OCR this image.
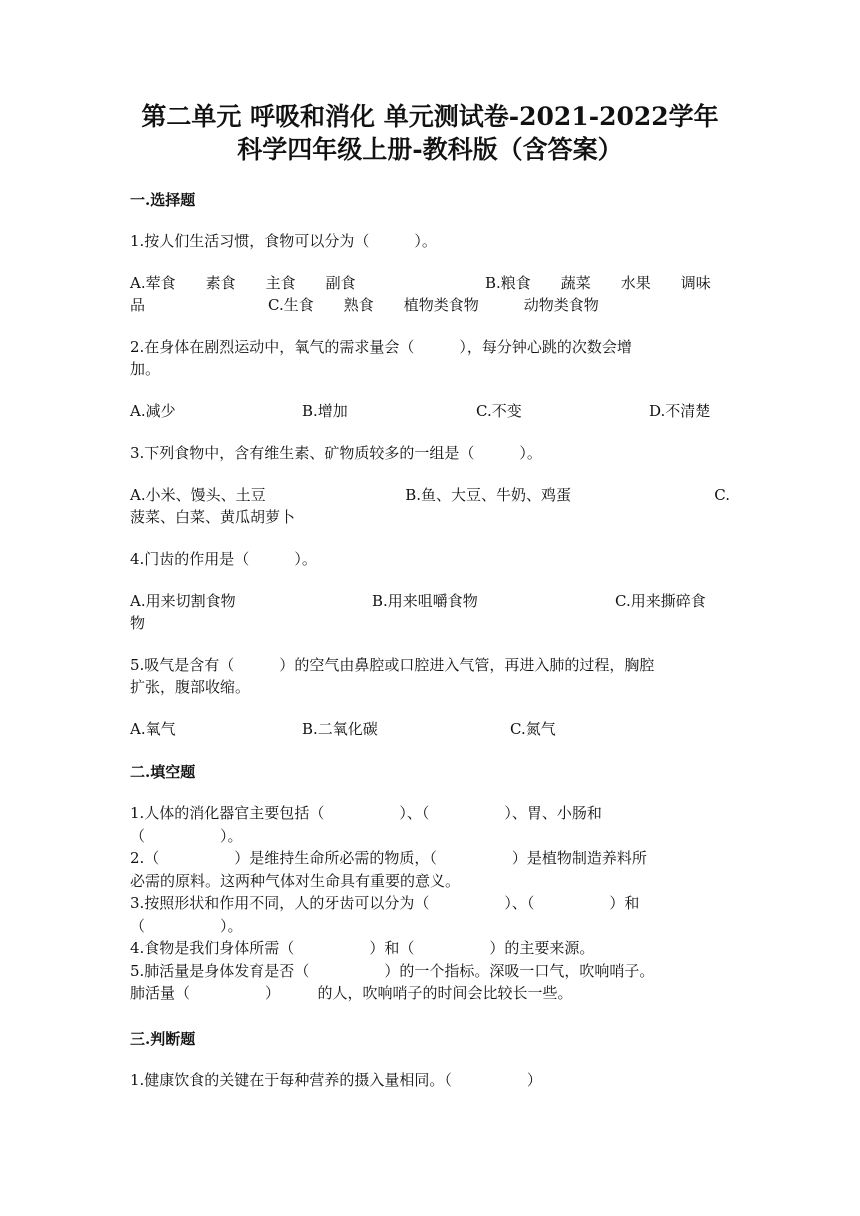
第二单元 呼吸和消化 单元测试卷-2021-2022学年
科学四年级上册-教科版（含答案）
一.选择题
1.按人们生活习惯，食物可以分为（　　　）。
A.荤食　　素食　　主食　　副食	B.粮食　　蔬菜　　水果　　调味
品	C.生食　　熟食　　植物类食物　　　动物类食物
2.在身体在剧烈运动中，氧气的需求量会（　　　），每分钟心跳的次数会增
加。
A.减少	B.增加	C.不变	D.不清楚
3.下列食物中，含有维生素、矿物质较多的一组是（　　　）。
A.小米、馒头、土豆	B.鱼、大豆、牛奶、鸡蛋	C.
菠菜、白菜、黄瓜胡萝卜
4.门齿的作用是（　　　）。
A.用来切割食物	B.用来咀嚼食物	C.用来撕碎食
物
5.吸气是含有（　　　）的空气由鼻腔或口腔进入气管，再进入肺的过程，胸腔
扩张，腹部收缩。
A.氧气	B.二氧化碳	C.氮气
二.填空题
1.人体的消化器官主要包括（　　　　　）、（　　　　　）、胃、小肠和
（　　　　　）。
2.（　　　　　）是维持生命所必需的物质，（　　　　　）是植物制造养料所
必需的原料。这两种气体对生命具有重要的意义。
3.按照形状和作用不同，人的牙齿可以分为（　　　　　）、（　　　　　）和
（　　　　　）。
4.食物是我们身体所需（　　　　　）和（　　　　　）的主要来源。
5.肺活量是身体发育是否（　　　　　）的一个指标。深吸一口气，吹响哨子。
肺活量（　　　　　）　　　的人，吹响哨子的时间会比较长一些。
三.判断题
1.健康饮食的关键在于每种营养的摄入量相同。（　　　　　）
